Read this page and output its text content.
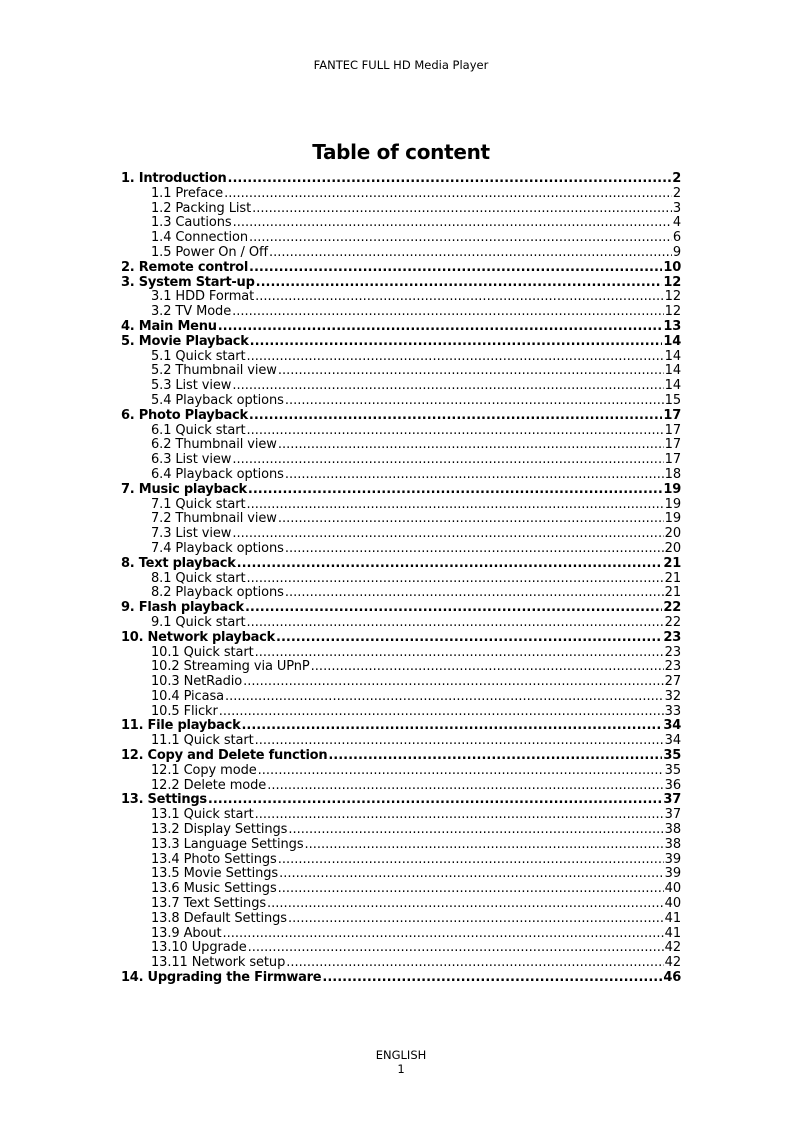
FANTEC FULL HD Media Player
Table of content
1. Introduction .....	2
1.1 Preface .....	2
1.2 Packing List .....	3
1.3 Cautions .....	4
1.4 Connection .....	6
1.5 Power On / Off .....	9
2. Remote control .....	10
3. System Start-up .....	12
3.1 HDD Format .....	12
3.2 TV Mode .....	12
4. Main Menu .....	13
5. Movie Playback .....	14
5.1 Quick start .....	14
5.2 Thumbnail view .....	14
5.3 List view .....	14
5.4 Playback options .....	15
6. Photo Playback .....	17
6.1 Quick start .....	17
6.2 Thumbnail view .....	17
6.3 List view .....	17
6.4 Playback options .....	18
7. Music playback .....	19
7.1 Quick start .....	19
7.2 Thumbnail view .....	19
7.3 List view .....	20
7.4 Playback options .....	20
8. Text playback .....	21
8.1 Quick start .....	21
8.2 Playback options .....	21
9. Flash playback .....	22
9.1 Quick start .....	22
10. Network playback .....	23
10.1 Quick start .....	23
10.2 Streaming via UPnP .....	23
10.3 NetRadio .....	27
10.4 Picasa .....	32
10.5 Flickr .....	33
11. File playback .....	34
11.1 Quick start .....	34
12. Copy and Delete function .....	35
12.1 Copy mode .....	35
12.2 Delete mode .....	36
13. Settings .....	37
13.1 Quick start .....	37
13.2 Display Settings .....	38
13.3 Language Settings .....	38
13.4 Photo Settings .....	39
13.5 Movie Settings .....	39
13.6 Music Settings .....	40
13.7 Text Settings .....	40
13.8 Default Settings .....	41
13.9 About .....	41
13.10 Upgrade .....	42
13.11 Network setup .....	42
14. Upgrading the Firmware .....	46
ENGLISH
1
